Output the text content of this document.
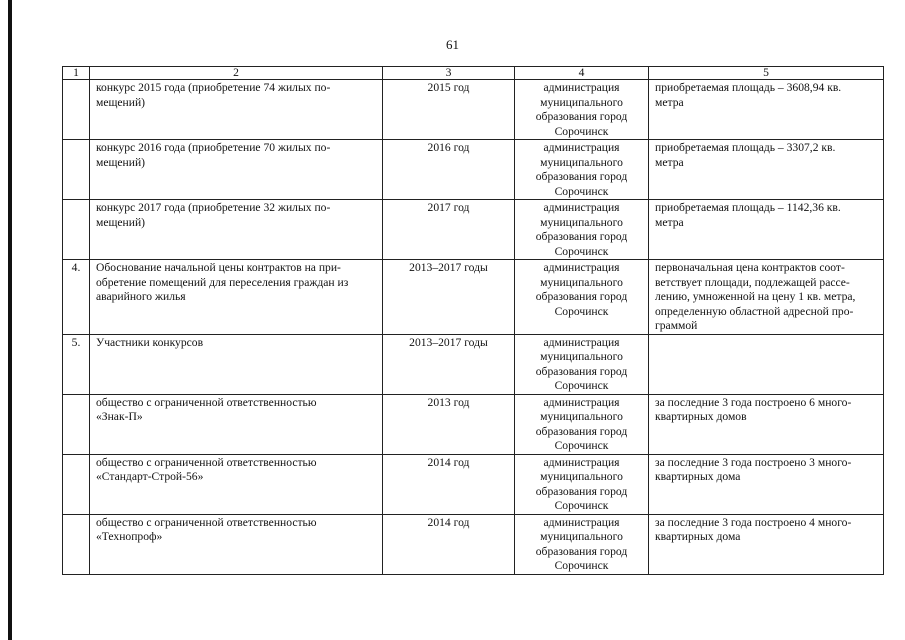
61
1	2	3	4	5

	конкурс 2015 года (приобретение 74 жилых по-
мещений)	2015 год	администрация
муниципального
образования город
Сорочинск	приобретаемая площадь – 3608,94 кв.
метра

	конкурс 2016 года (приобретение 70 жилых по-
мещений)	2016 год	администрация
муниципального
образования город
Сорочинск	приобретаемая площадь – 3307,2 кв.
метра

	конкурс 2017 года (приобретение 32 жилых по-
мещений)	2017 год	администрация
муниципального
образования город
Сорочинск	приобретаемая площадь – 1142,36 кв.
метра

4.	Обоснование начальной цены контрактов на при-
обретение помещений для переселения граждан из
аварийного жилья	2013–2017 годы	администрация
муниципального
образования город
Сорочинск	первоначальная цена контрактов соот-
ветствует площади, подлежащей рассе-
лению, умноженной на цену 1 кв. метра,
определенную областной адресной про-
граммой

5.	Участники конкурсов	2013–2017 годы	администрация
муниципального
образования город
Сорочинск	

	общество с ограниченной ответственностью
«Знак-П»	2013 год	администрация
муниципального
образования город
Сорочинск	за последние 3 года построено 6 много-
квартирных домов

	общество с ограниченной ответственностью
«Стандарт-Строй-56»	2014 год	администрация
муниципального
образования город
Сорочинск	за последние 3 года построено 3 много-
квартирных дома

	общество с ограниченной ответственностью
«Технопроф»	2014 год	администрация
муниципального
образования город
Сорочинск	за последние 3 года построено 4 много-
квартирных дома
